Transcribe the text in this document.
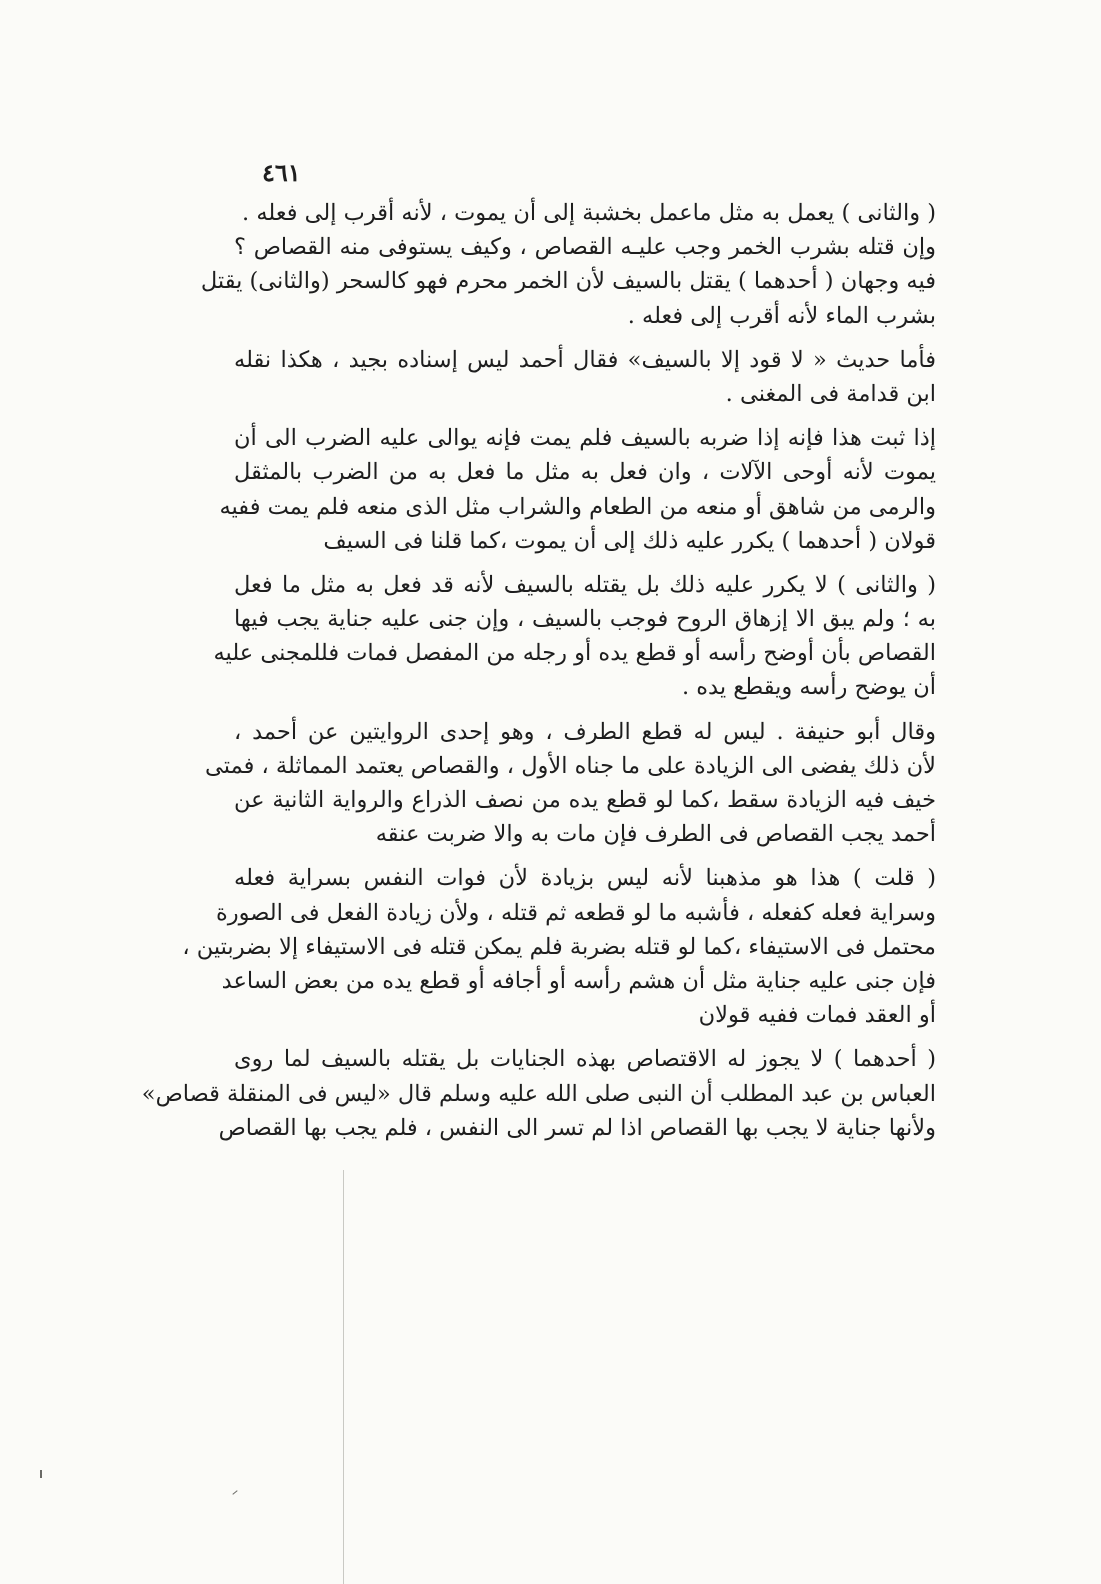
٤٦١

( والثانى ) يعمل به مثل ماعمل بخشبة إلى أن يموت ، لأنه أقرب إلى فعله .

وإن قتله بشرب الخمر وجب عليـه القصاص ، وكيف يستوفى منه القصاص ؟
فيه وجهان ( أحدهما ) يقتل بالسيف لأن الخمر محرم فهو كالسحر (والثانى) يقتل
بشرب الماء لأنه أقرب إلى فعله .

فأما حديث « لا قود إلا بالسيف» فقال أحمد ليس إسناده بجيد ، هكذا نقله
ابن قدامة فى المغنى .

إذا ثبت هذا فإنه إذا ضربه بالسيف فلم يمت فإنه يوالى عليه الضرب الى أن
يموت لأنه أوحى الآلات ، وان فعل به مثل ما فعل به من الضرب بالمثقل
والرمى من شاهق أو منعه من الطعام والشراب مثل الذى منعه فلم يمت ففيه
قولان ( أحدهما ) يكرر عليه ذلك إلى أن يموت ،كما قلنا فى السيف

( والثانى ) لا يكرر عليه ذلك بل يقتله بالسيف لأنه قد فعل به مثل ما فعل
به ؛ ولم يبق الا إزهاق الروح فوجب بالسيف ، وإن جنى عليه جناية يجب فيها
القصاص بأن أوضح رأسه أو قطع يده أو رجله من المفصل فمات فللمجنى عليه
أن يوضح رأسه ويقطع يده .

وقال أبو حنيفة . ليس له قطع الطرف ، وهو إحدى الروايتين عن أحمد ،
لأن ذلك يفضى الى الزيادة على ما جناه الأول ، والقصاص يعتمد المماثلة ، فمتى
خيف فيه الزيادة سقط ،كما لو قطع يده من نصف الذراع والرواية الثانية عن
أحمد يجب القصاص فى الطرف فإن مات به والا ضربت عنقه

( قلت ) هذا هو مذهبنا لأنه ليس بزيادة لأن فوات النفس بسراية فعله
وسراية فعله كفعله ، فأشبه ما لو قطعه ثم قتله ، ولأن زيادة الفعل فى الصورة
محتمل فى الاستيفاء ،كما لو قتله بضربة فلم يمكن قتله فى الاستيفاء إلا بضربتين ،
فإن جنى عليه جناية مثل أن هشم رأسه أو أجافه أو قطع يده من بعض الساعد
أو العقد فمات ففيه قولان

( أحدهما ) لا يجوز له الاقتصاص بهذه الجنايات بل يقتله بالسيف لما روى
العباس بن عبد المطلب أن النبى صلى الله عليه وسلم قال «ليس فى المنقلة قصاص»
ولأنها جناية لا يجب بها القصاص اذا لم تسر الى النفس ، فلم يجب بها القصاص
